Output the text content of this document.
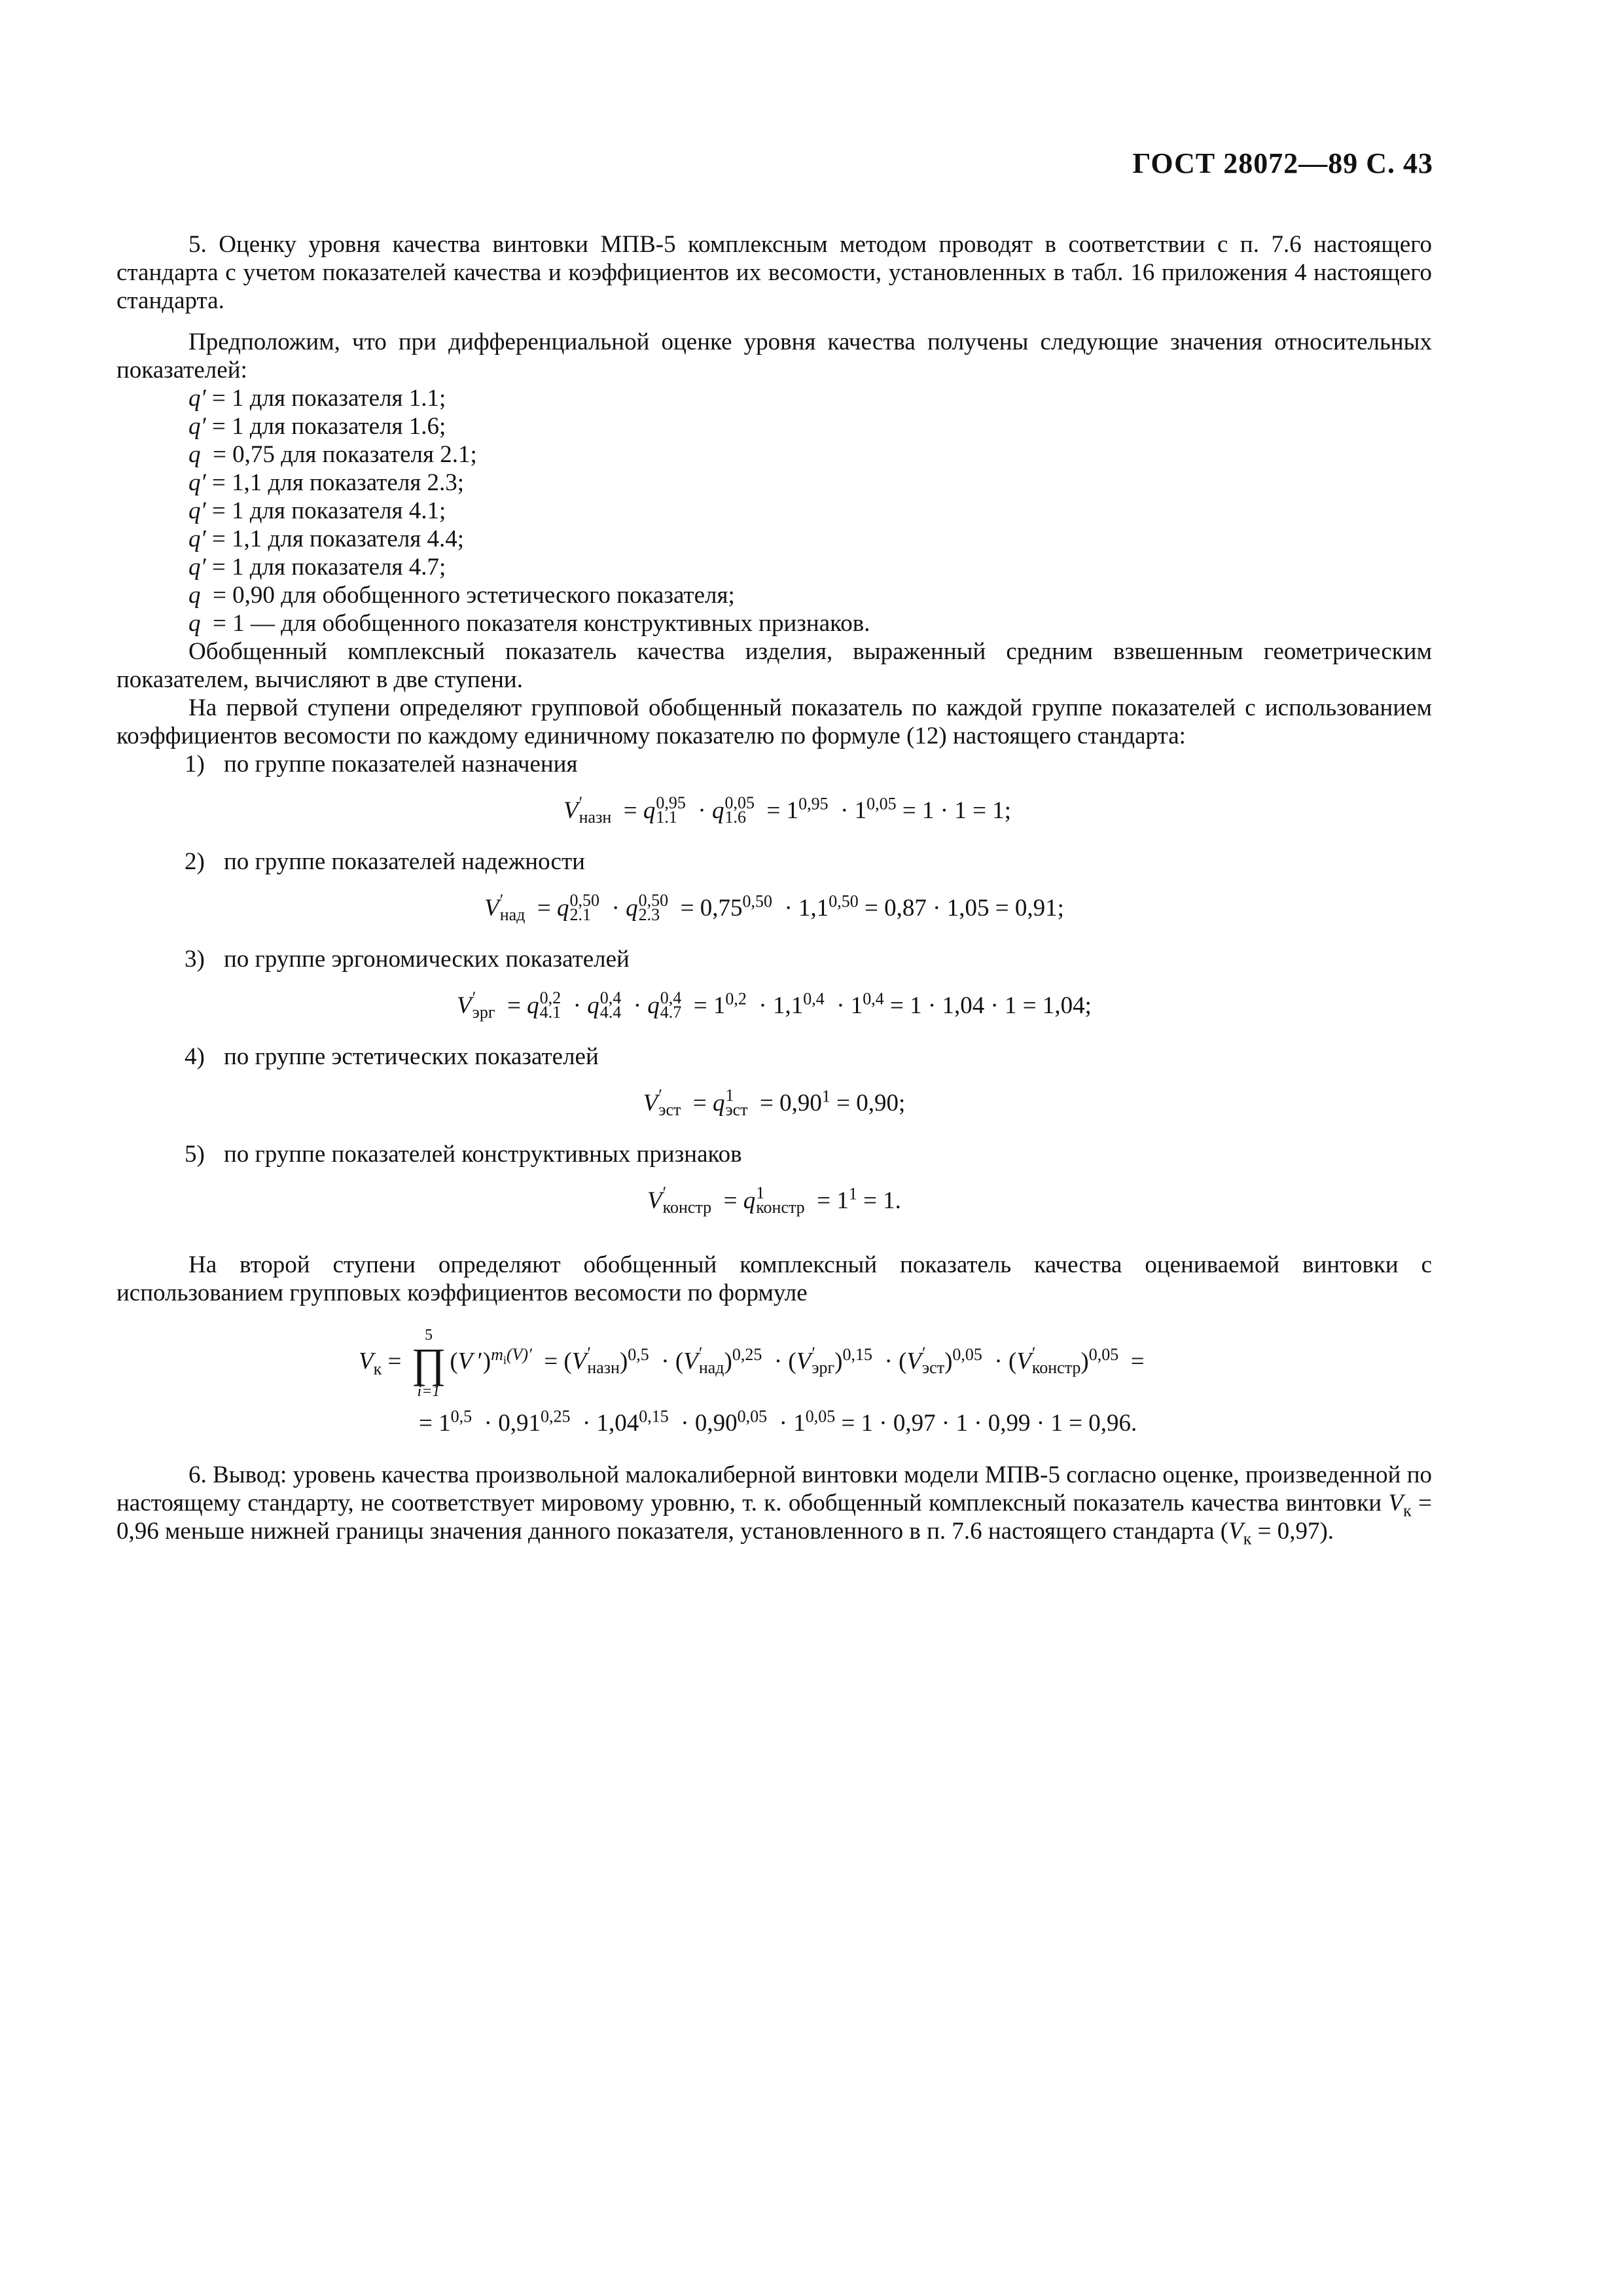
ГОСТ 28072—89 С. 43

5. Оценку уровня качества винтовки МПВ-5 комплексным методом проводят в соответствии с п. 7.6 настоящего стандарта с учетом показателей качества и коэффициентов их весомости, установленных в табл. 16 приложения 4 настоящего стандарта.

Предположим, что при дифференциальной оценке уровня качества получены следующие значения относительных показателей:

q′ = 1 для показателя 1.1;
q′ = 1 для показателя 1.6;
q  = 0,75 для показателя 2.1;
q′ = 1,1 для показателя 2.3;
q′ = 1 для показателя 4.1;
q′ = 1,1 для показателя 4.4;
q′ = 1 для показателя 4.7;
q  = 0,90 для обобщенного эстетического показателя;
q  = 1 — для обобщенного показателя конструктивных признаков.

Обобщенный комплексный показатель качества изделия, выраженный средним взвешенным геометрическим показателем, вычисляют в две ступени.

На первой ступени определяют групповой обобщенный показатель по каждой группе показателей с использованием коэффициентов весомости по каждому единичному показателю по формуле (12) настоящего стандарта:

1) по группе показателей назначения
V ′
назн = q 0,95
1.1 · q 0,05
$1.6 = 1^{0,95} \cdot 1^{0,05} = 1 \cdot 1 = 1$;
2) по группе показателей надежности
V ′
над = q 0,50
2.1 · q 0,50
$2.3 = 0,75^{0,50} \cdot 1,1^{0,50} = 0,87 \cdot 1,05 = 0,91$;
3) по группе эргономических показателей
V ′
эрг = q 0,2
4.1 · q 0,4
4.4 · q 0,4
$4.7 = 1^{0,2} \cdot 1,1^{0,4} \cdot 1^{0,4} = 1 \cdot 1,04 \cdot 1 = 1,04$;
4) по группе эстетических показателей
V ′
эст = q 1
эст = $0,90^1 = 0,90$;
5) по группе показателей конструктивных признаков
V ′
констр = q 1
констр = $1^1 = 1$.

На второй ступени определяют обобщенный комплексный показатель качества оцениваемой винтовки с использованием групповых коэффициентов весомости по формуле

$V_к$ =
5
∏
i=1
(V ′)$^{m_i(V)'}$  = (V ′
назн )$^{0,5}$  · (V ′
над )$^{0,25}$  · (V ′
эрг )$^{0,15}$  · (V ′
эст )$^{0,05}$  · (V ′
констр )$^{0,05}$  =
= $1^{0,5} \cdot 0,91^{0,25} \cdot 1,04^{0,15} \cdot 0,90^{0,05} \cdot 1^{0,05} = 1 \cdot 0,97 \cdot 1 \cdot 0,99 \cdot 1 = 0,96$.

6. Вывод: уровень качества произвольной малокалиберной винтовки модели МПВ-5 согласно оценке, произведенной по настоящему стандарту, не соответствует мировому уровню, т. к. обобщенный комплексный показатель качества винтовки $V_к = 0,96$ меньше нижней границы значения данного показателя, установленного в п. 7.6 настоящего стандарта $(V_к = 0,97)$.
